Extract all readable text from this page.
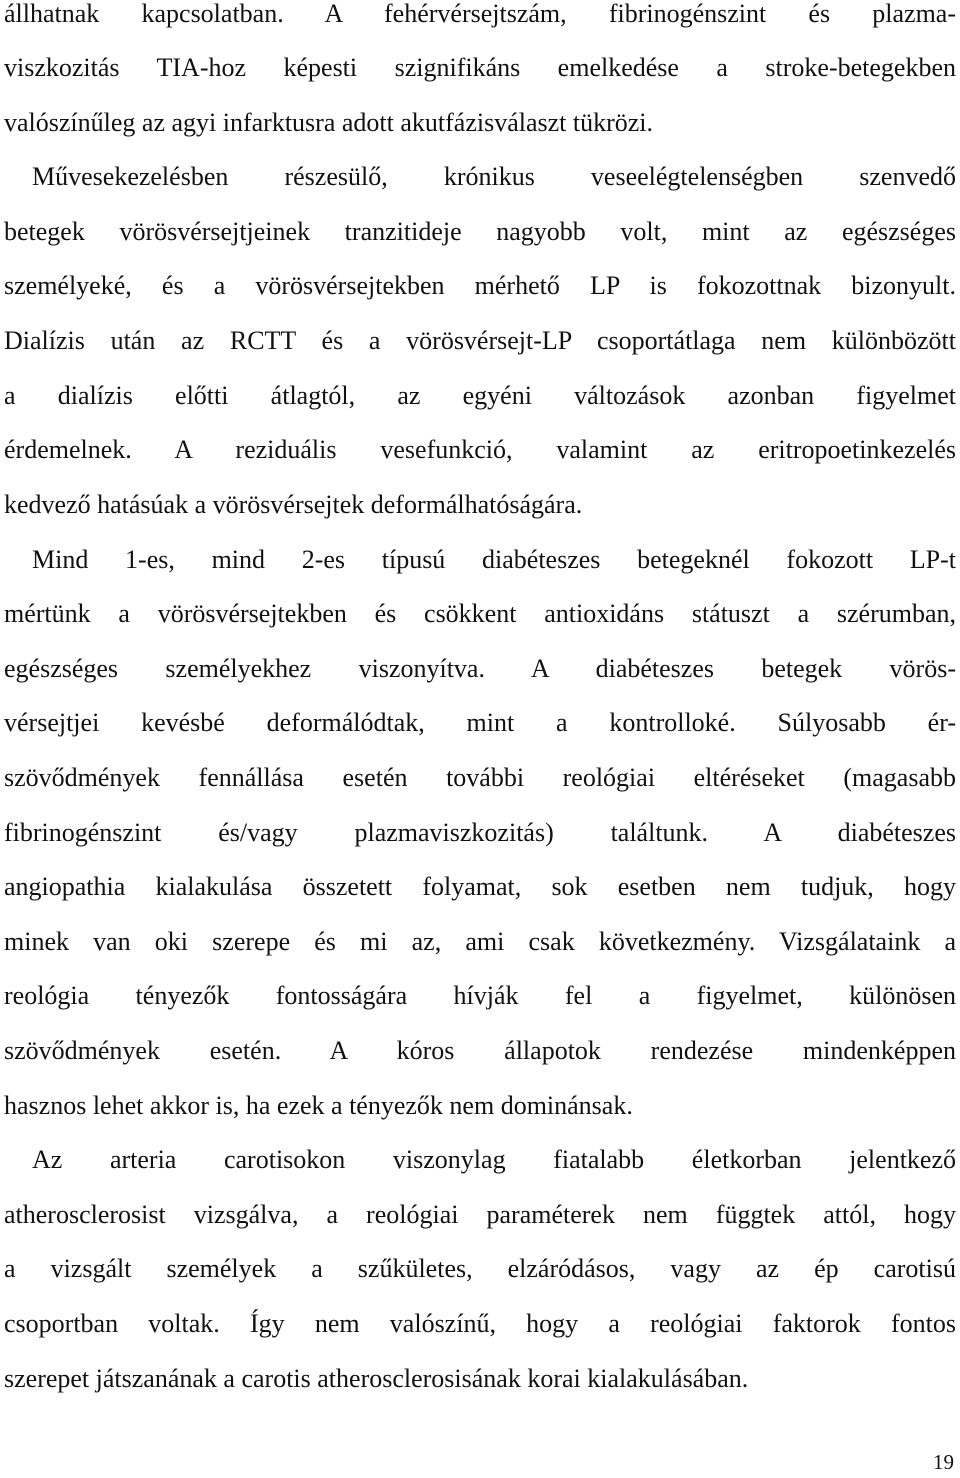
állhatnak kapcsolatban. A fehérvérsejtszám, fibrinogénszint és plazma-
viszkozitás TIA-hoz képesti szignifikáns emelkedése a stroke-betegekben
valószínűleg az agyi infarktusra adott akutfázisválaszt tükrözi.
Művesekezelésben részesülő, krónikus veseelégtelenségben szenvedő
betegek vörösvérsejtjeinek tranzitideje nagyobb volt, mint az egészséges
személyeké, és a vörösvérsejtekben mérhető LP is fokozottnak bizonyult.
Dialízis után az RCTT és a vörösvérsejt-LP csoportátlaga nem különbözött
a dialízis előtti átlagtól, az egyéni változások azonban figyelmet
érdemelnek. A reziduális vesefunkció, valamint az eritropoetinkezelés
kedvező hatásúak a vörösvérsejtek deformálhatóságára.
Mind 1-es, mind 2-es típusú diabéteszes betegeknél fokozott LP-t
mértünk a vörösvérsejtekben és csökkent antioxidáns státuszt a szérumban,
egészséges személyekhez viszonyítva. A diabéteszes betegek vörös-
vérsejtjei kevésbé deformálódtak, mint a kontrolloké. Súlyosabb ér-
szövődmények fennállása esetén további reológiai eltéréseket (magasabb
fibrinogénszint és/vagy plazmaviszkozitás) találtunk. A diabéteszes
angiopathia kialakulása összetett folyamat, sok esetben nem tudjuk, hogy
minek van oki szerepe és mi az, ami csak következmény. Vizsgálataink a
reológia tényezők fontosságára hívják fel a figyelmet, különösen
szövődmények esetén. A kóros állapotok rendezése mindenképpen
hasznos lehet akkor is, ha ezek a tényezők nem dominánsak.
Az arteria carotisokon viszonylag fiatalabb életkorban jelentkező
atherosclerosist vizsgálva, a reológiai paraméterek nem függtek attól, hogy
a vizsgált személyek a szűkületes, elzáródásos, vagy az ép carotisú
csoportban voltak. Így nem valószínű, hogy a reológiai faktorok fontos
szerepet játszanának a carotis atherosclerosisának korai kialakulásában.
19
